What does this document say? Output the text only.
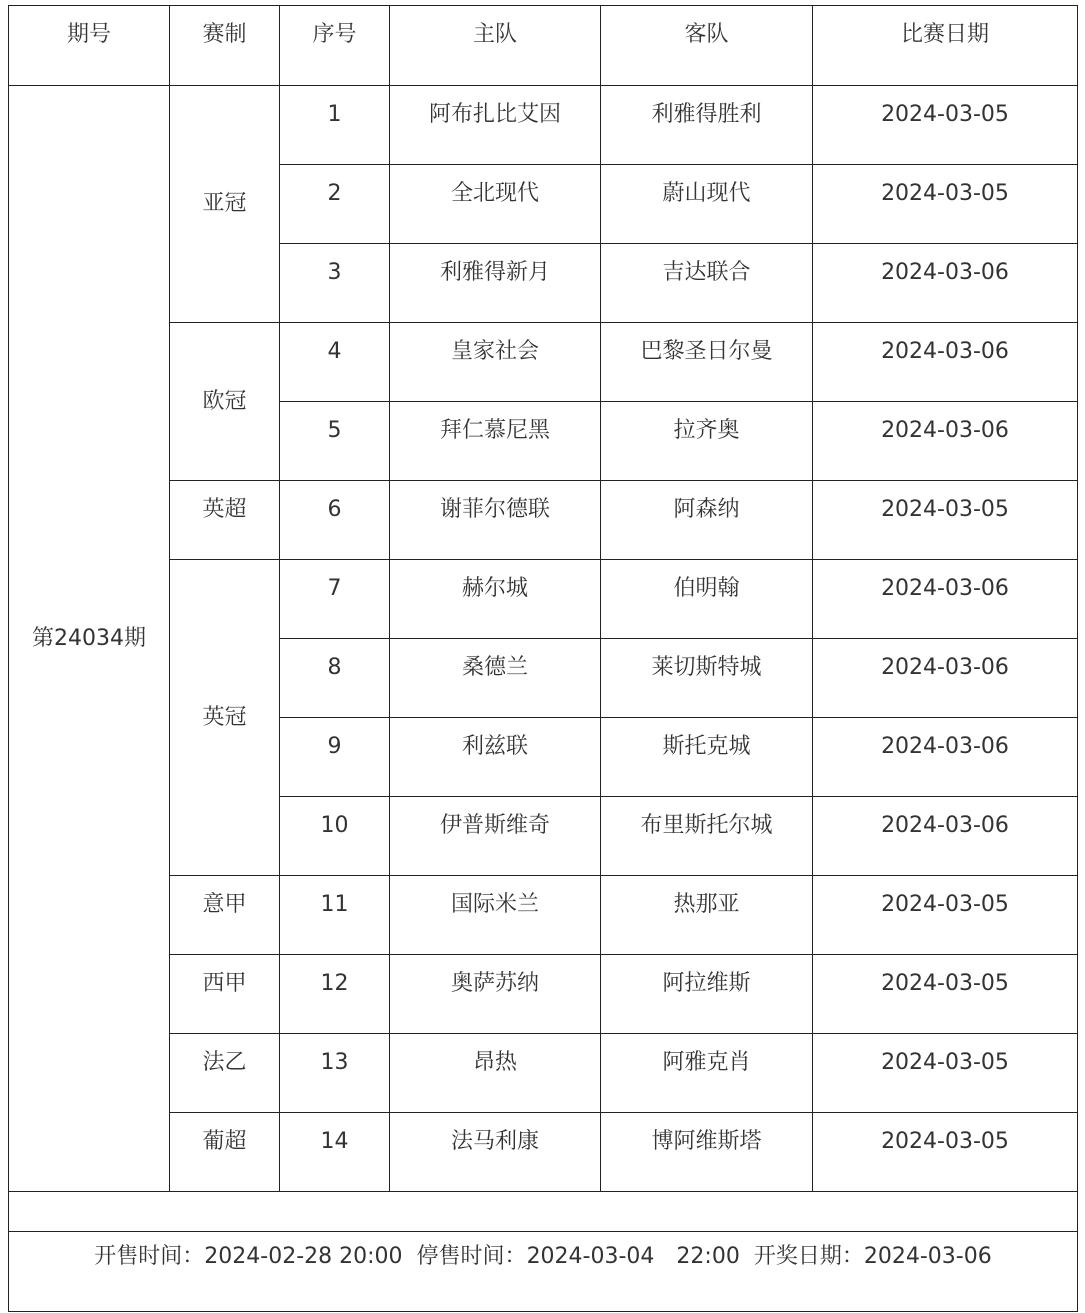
期号	赛制	序号	主队	客队	比赛日期
第24034期	亚冠	1	阿布扎比艾因	利雅得胜利	2024-03-05
		2	全北现代	蔚山现代	2024-03-05
		3	利雅得新月	吉达联合	2024-03-06
	欧冠	4	皇家社会	巴黎圣日尔曼	2024-03-06
		5	拜仁慕尼黑	拉齐奥	2024-03-06
	英超	6	谢菲尔德联	阿森纳	2024-03-05
	英冠	7	赫尔城	伯明翰	2024-03-06
		8	桑德兰	莱切斯特城	2024-03-06
		9	利兹联	斯托克城	2024-03-06
		10	伊普斯维奇	布里斯托尔城	2024-03-06
	意甲	11	国际米兰	热那亚	2024-03-05
	西甲	12	奥萨苏纳	阿拉维斯	2024-03-05
	法乙	13	昂热	阿雅克肖	2024-03-05
	葡超	14	法马利康	博阿维斯塔	2024-03-05

开售时间：2024-02-28 20:00 停售时间：2024-03-04　22:00 开奖日期：2024-03-06					
